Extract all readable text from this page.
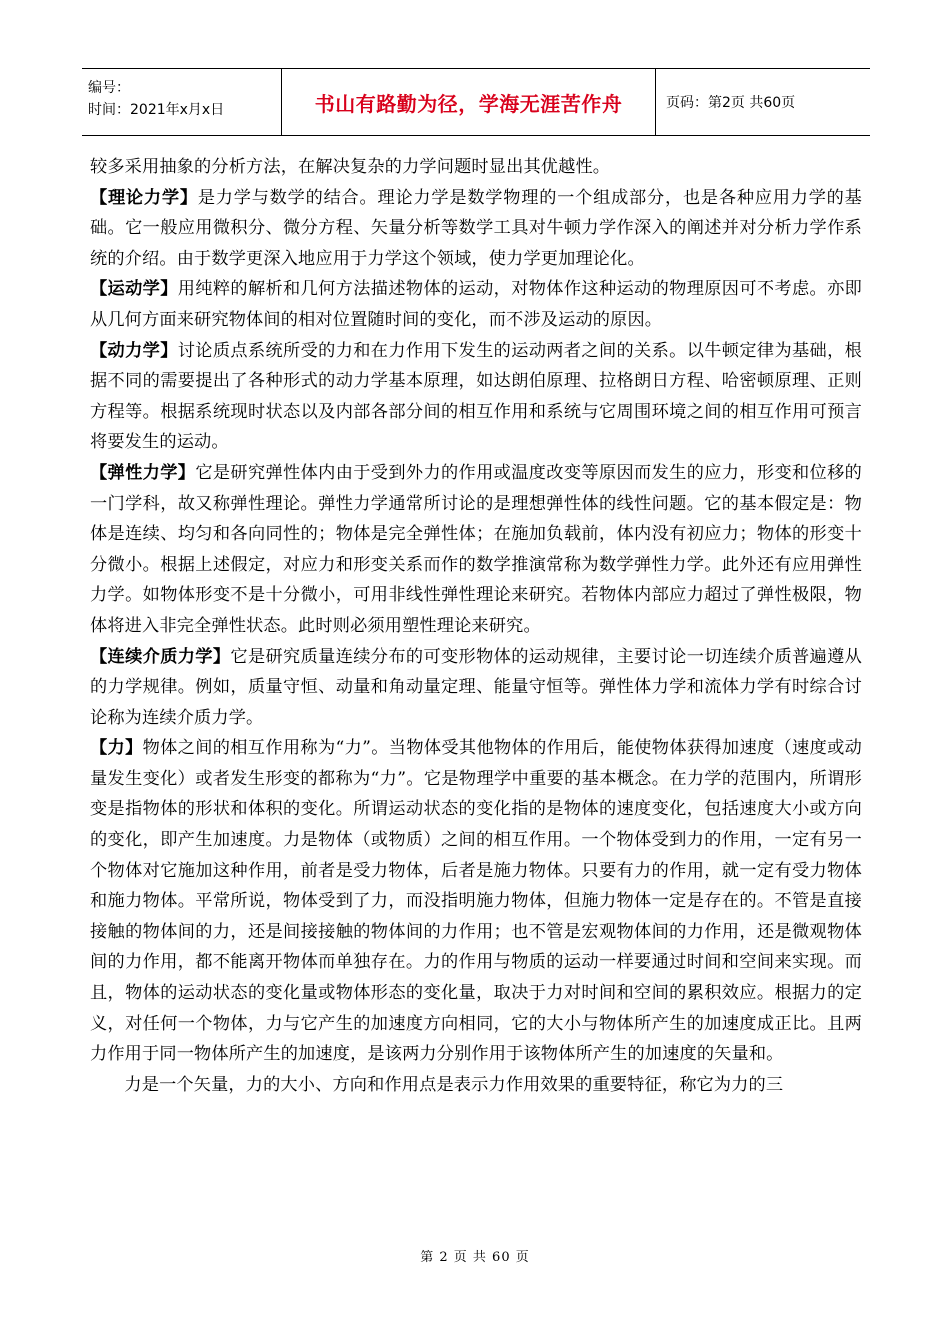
编号：
时间：2021年x月x日	书山有路勤为径，学海无涯苦作舟	页码：第2页 共60页

较多采用抽象的分析方法，在解决复杂的力学问题时显出其优越性。

【理论力学】是力学与数学的结合。理论力学是数学物理的一个组成部分，也是各种应用力学的基础。它一般应用微积分、微分方程、矢量分析等数学工具对牛顿力学作深入的阐述并对分析力学作系统的介绍。由于数学更深入地应用于力学这个领域，使力学更加理论化。

【运动学】用纯粹的解析和几何方法描述物体的运动，对物体作这种运动的物理原因可不考虑。亦即从几何方面来研究物体间的相对位置随时间的变化，而不涉及运动的原因。

【动力学】讨论质点系统所受的力和在力作用下发生的运动两者之间的关系。以牛顿定律为基础，根据不同的需要提出了各种形式的动力学基本原理，如达朗伯原理、拉格朗日方程、哈密顿原理、正则方程等。根据系统现时状态以及内部各部分间的相互作用和系统与它周围环境之间的相互作用可预言将要发生的运动。

【弹性力学】它是研究弹性体内由于受到外力的作用或温度改变等原因而发生的应力，形变和位移的一门学科，故又称弹性理论。弹性力学通常所讨论的是理想弹性体的线性问题。它的基本假定是：物体是连续、均匀和各向同性的；物体是完全弹性体；在施加负载前，体内没有初应力；物体的形变十分微小。根据上述假定，对应力和形变关系而作的数学推演常称为数学弹性力学。此外还有应用弹性力学。如物体形变不是十分微小，可用非线性弹性理论来研究。若物体内部应力超过了弹性极限，物体将进入非完全弹性状态。此时则必须用塑性理论来研究。

【连续介质力学】它是研究质量连续分布的可变形物体的运动规律，主要讨论一切连续介质普遍遵从的力学规律。例如，质量守恒、动量和角动量定理、能量守恒等。弹性体力学和流体力学有时综合讨论称为连续介质力学。

【力】物体之间的相互作用称为“力”。当物体受其他物体的作用后，能使物体获得加速度（速度或动量发生变化）或者发生形变的都称为“力”。它是物理学中重要的基本概念。在力学的范围内，所谓形变是指物体的形状和体积的变化。所谓运动状态的变化指的是物体的速度变化，包括速度大小或方向的变化，即产生加速度。力是物体（或物质）之间的相互作用。一个物体受到力的作用，一定有另一个物体对它施加这种作用，前者是受力物体，后者是施力物体。只要有力的作用，就一定有受力物体和施力物体。平常所说，物体受到了力，而没指明施力物体，但施力物体一定是存在的。不管是直接接触的物体间的力，还是间接接触的物体间的力作用；也不管是宏观物体间的力作用，还是微观物体间的力作用，都不能离开物体而单独存在。力的作用与物质的运动一样要通过时间和空间来实现。而且，物体的运动状态的变化量或物体形态的变化量，取决于力对时间和空间的累积效应。根据力的定义，对任何一个物体，力与它产生的加速度方向相同，它的大小与物体所产生的加速度成正比。且两力作用于同一物体所产生的加速度，是该两力分别作用于该物体所产生的加速度的矢量和。

力是一个矢量，力的大小、方向和作用点是表示力作用效果的重要特征，称它为力的三

第 2 页 共 60 页
